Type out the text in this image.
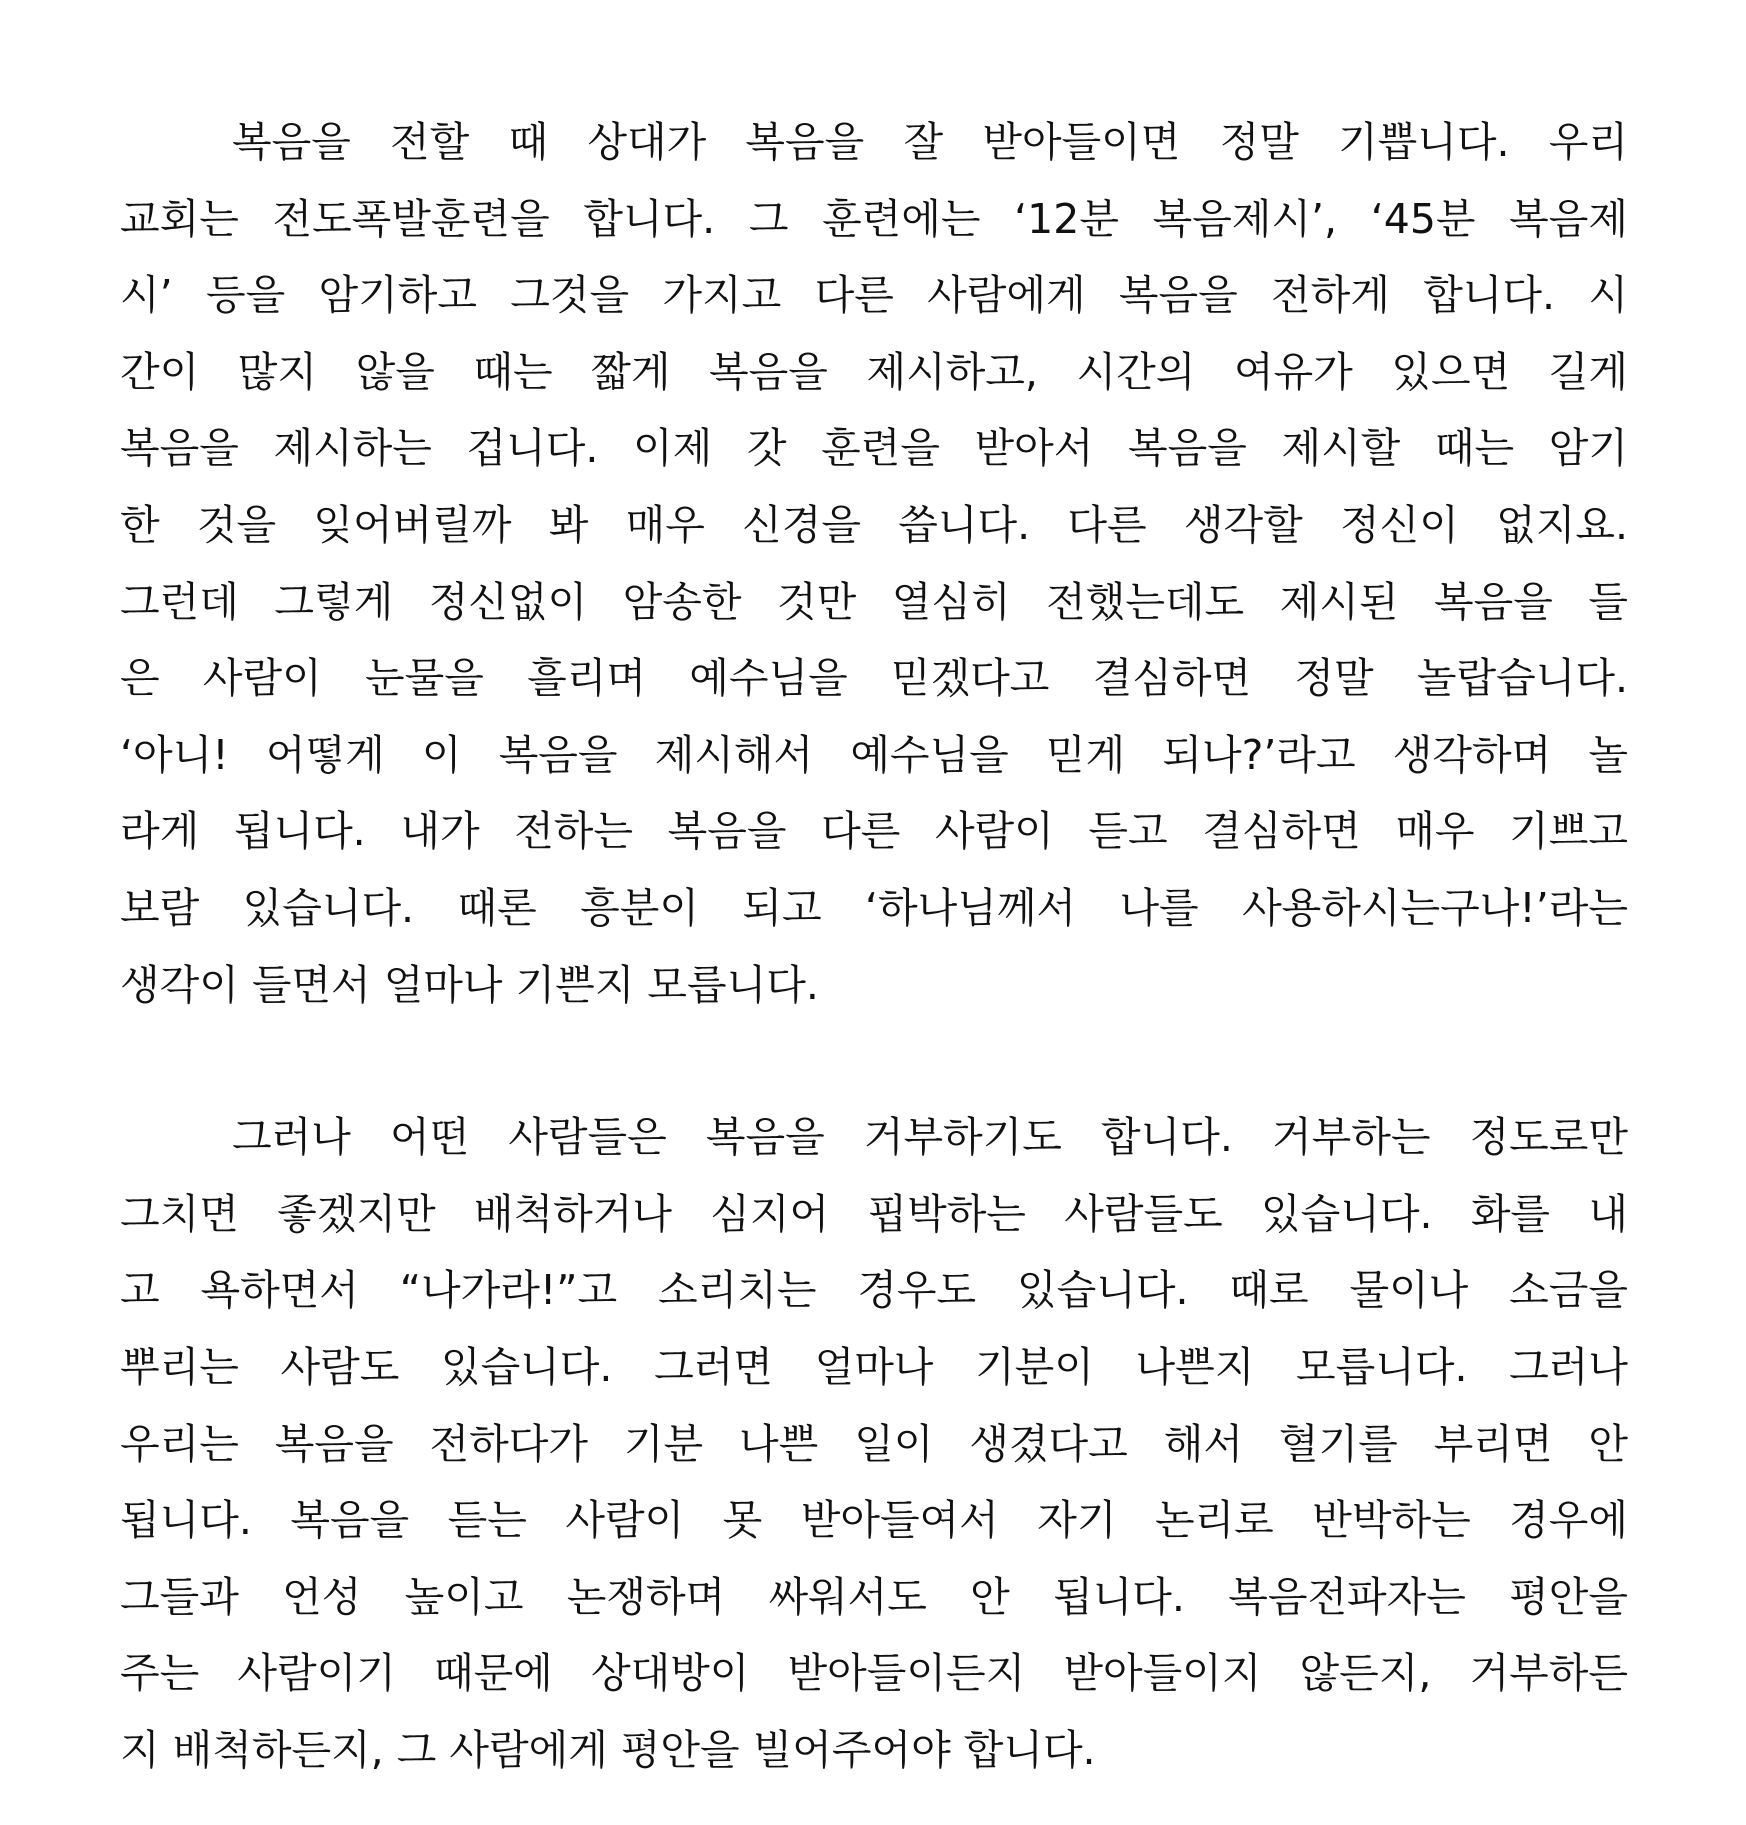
복음을 전할 때 상대가 복음을 잘 받아들이면 정말 기쁩니다. 우리
교회는 전도폭발훈련을 합니다. 그 훈련에는 ‘12분 복음제시’, ‘45분 복음제
시’ 등을 암기하고 그것을 가지고 다른 사람에게 복음을 전하게 합니다. 시
간이 많지 않을 때는 짧게 복음을 제시하고, 시간의 여유가 있으면 길게
복음을 제시하는 겁니다. 이제 갓 훈련을 받아서 복음을 제시할 때는 암기
한 것을 잊어버릴까 봐 매우 신경을 씁니다. 다른 생각할 정신이 없지요.
그런데 그렇게 정신없이 암송한 것만 열심히 전했는데도 제시된 복음을 들
은 사람이 눈물을 흘리며 예수님을 믿겠다고 결심하면 정말 놀랍습니다.
‘아니! 어떻게 이 복음을 제시해서 예수님을 믿게 되나?’라고 생각하며 놀
라게 됩니다. 내가 전하는 복음을 다른 사람이 듣고 결심하면 매우 기쁘고
보람 있습니다. 때론 흥분이 되고 ‘하나님께서 나를 사용하시는구나!’라는
생각이 들면서 얼마나 기쁜지 모릅니다.
그러나 어떤 사람들은 복음을 거부하기도 합니다. 거부하는 정도로만
그치면 좋겠지만 배척하거나 심지어 핍박하는 사람들도 있습니다. 화를 내
고 욕하면서 “나가라!”고 소리치는 경우도 있습니다. 때로 물이나 소금을
뿌리는 사람도 있습니다. 그러면 얼마나 기분이 나쁜지 모릅니다. 그러나
우리는 복음을 전하다가 기분 나쁜 일이 생겼다고 해서 혈기를 부리면 안
됩니다. 복음을 듣는 사람이 못 받아들여서 자기 논리로 반박하는 경우에
그들과 언성 높이고 논쟁하며 싸워서도 안 됩니다. 복음전파자는 평안을
주는 사람이기 때문에 상대방이 받아들이든지 받아들이지 않든지, 거부하든
지 배척하든지, 그 사람에게 평안을 빌어주어야 합니다.
